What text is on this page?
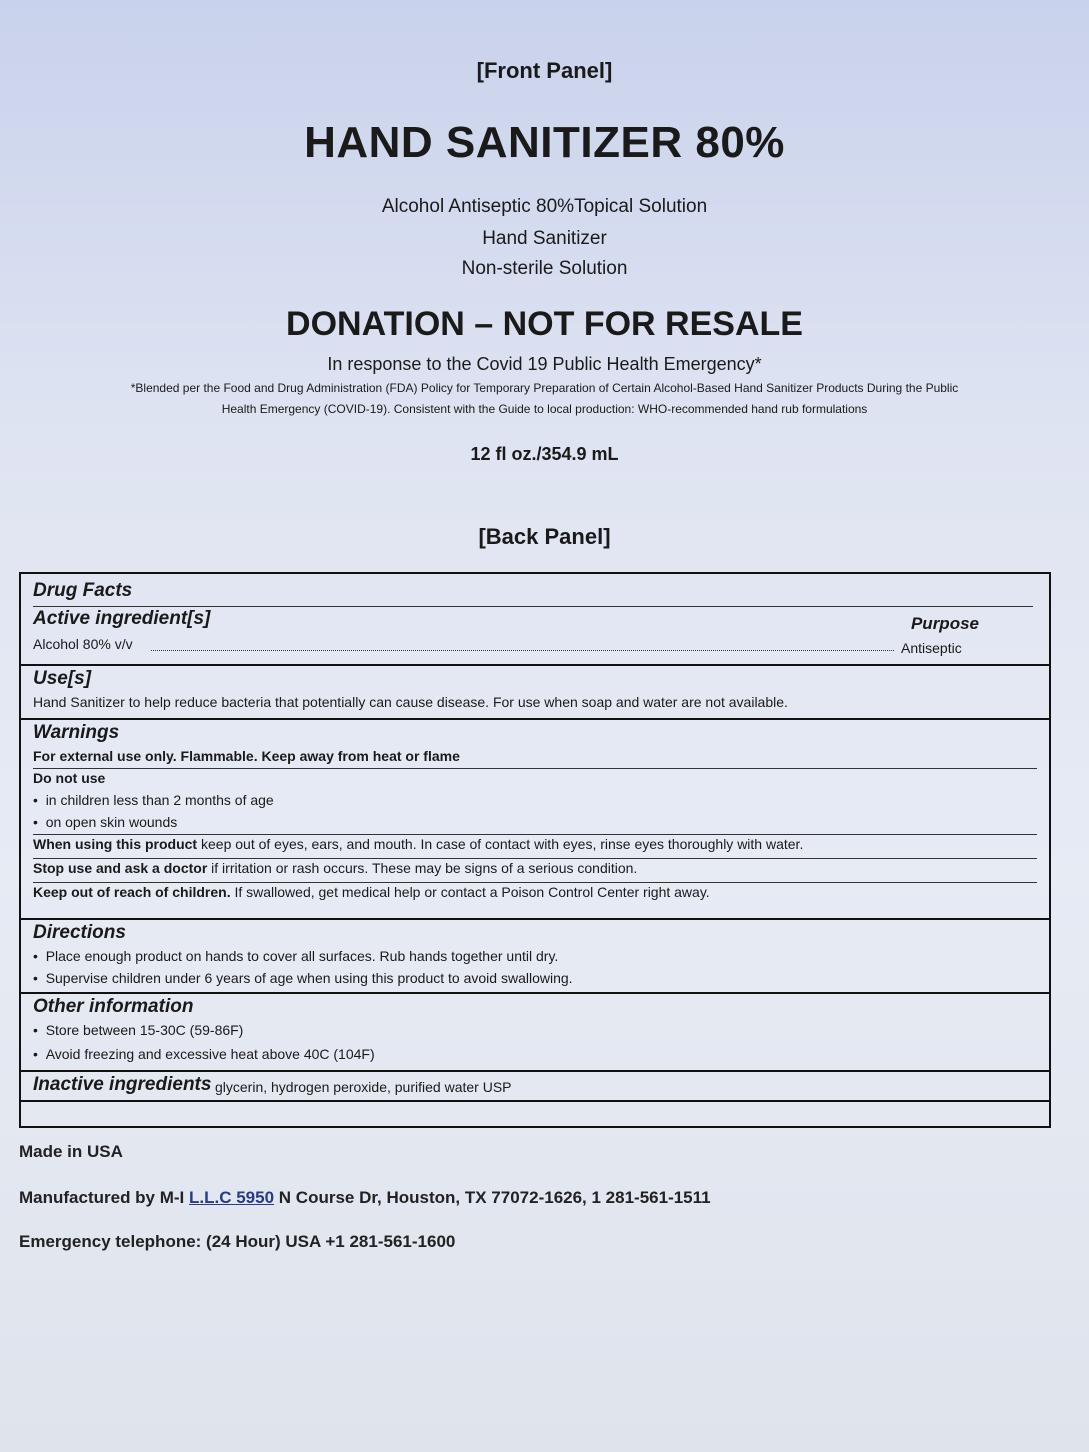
[Front Panel]
HAND SANITIZER 80%
Alcohol Antiseptic 80%Topical Solution
Hand Sanitizer
Non-sterile Solution
DONATION – NOT FOR RESALE
In response to the Covid 19 Public Health Emergency*
*Blended per the Food and Drug Administration (FDA) Policy for Temporary Preparation of Certain Alcohol-Based Hand Sanitizer Products During the Public
Health Emergency (COVID-19). Consistent with the Guide to local production: WHO-recommended hand rub formulations
12 fl oz./354.9 mL
[Back Panel]
Drug Facts
Active ingredient[s]	Purpose
Alcohol 80% v/v	Antiseptic
Use[s]
Hand Sanitizer to help reduce bacteria that potentially can cause disease. For use when soap and water are not available.
Warnings
For external use only. Flammable. Keep away from heat or flame
Do not use
• in children less than 2 months of age
• on open skin wounds
When using this product keep out of eyes, ears, and mouth. In case of contact with eyes, rinse eyes thoroughly with water.
Stop use and ask a doctor if irritation or rash occurs. These may be signs of a serious condition.
Keep out of reach of children. If swallowed, get medical help or contact a Poison Control Center right away.
Directions
• Place enough product on hands to cover all surfaces. Rub hands together until dry.
• Supervise children under 6 years of age when using this product to avoid swallowing.
Other information
• Store between 15-30C (59-86F)
• Avoid freezing and excessive heat above 40C (104F)
Inactive ingredients glycerin, hydrogen peroxide, purified water USP
Made in USA
Manufactured by M-I L.L.C 5950 N Course Dr, Houston, TX 77072-1626, 1 281-561-1511
Emergency telephone: (24 Hour) USA +1 281-561-1600
